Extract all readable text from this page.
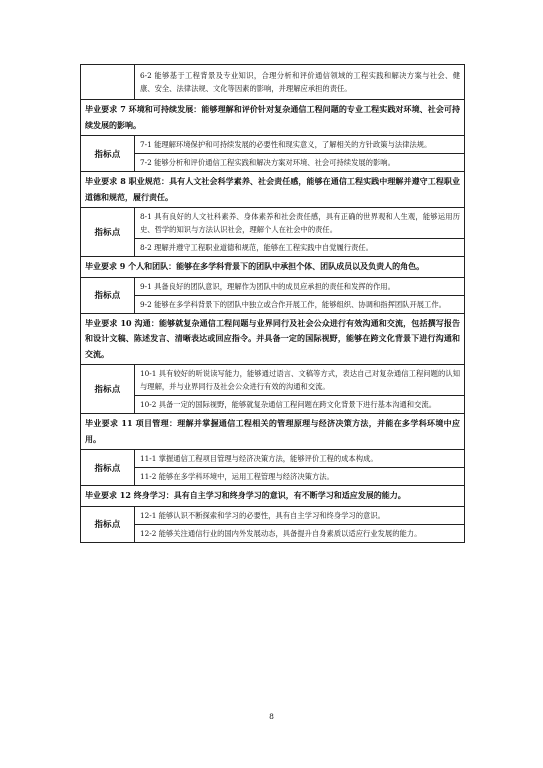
	6-2 能够基于工程背景及专业知识，合理分析和评价通信领域的工程实践和解决方案与社会、健康、安全、法律法规、文化等因素的影响，并理解应承担的责任。
毕业要求 7 环境和可持续发展：能够理解和评价针对复杂通信工程问题的专业工程实践对环境、社会可持续发展的影响。	
指标点	7-1 能理解环境保护和可持续发展的必要性和现实意义，了解相关的方针政策与法律法规。
	7-2 能够分析和评价通信工程实践和解决方案对环境、社会可持续发展的影响。
毕业要求 8 职业规范：具有人文社会科学素养、社会责任感，能够在通信工程实践中理解并遵守工程职业道德和规范，履行责任。	
指标点	8-1 具有良好的人文社科素养、身体素养和社会责任感，具有正确的世界观和人生观，能够运用历史、哲学的知识与方法认识社会，理解个人在社会中的责任。
	8-2 理解并遵守工程职业道德和规范，能够在工程实践中自觉履行责任。
毕业要求 9 个人和团队：能够在多学科背景下的团队中承担个体、团队成员以及负责人的角色。	
指标点	9-1 具备良好的团队意识，理解作为团队中的成员应承担的责任和发挥的作用。
	9-2 能够在多学科背景下的团队中独立或合作开展工作，能够组织、协调和指挥团队开展工作。
毕业要求 10 沟通：能够就复杂通信工程问题与业界同行及社会公众进行有效沟通和交流，包括撰写报告和设计文稿、陈述发言、清晰表达或回应指令。并具备一定的国际视野，能够在跨文化背景下进行沟通和交流。	
指标点	10-1 具有较好的听说读写能力，能够通过语言、文稿等方式，表达自己对复杂通信工程问题的认知与理解，并与业界同行及社会公众进行有效的沟通和交流。
	10-2 具备一定的国际视野，能够就复杂通信工程问题在跨文化背景下进行基本沟通和交流。
毕业要求 11 项目管理：理解并掌握通信工程相关的管理原理与经济决策方法，并能在多学科环境中应用。	
指标点	11-1 掌握通信工程项目管理与经济决策方法，能够评价工程的成本构成。
	11-2 能够在多学科环境中，运用工程管理与经济决策方法。
毕业要求 12 终身学习：具有自主学习和终身学习的意识，有不断学习和适应发展的能力。	
指标点	12-1 能够认识不断探索和学习的必要性，具有自主学习和终身学习的意识。
	12-2 能够关注通信行业的国内外发展动态，具备提升自身素质以适应行业发展的能力。
8
